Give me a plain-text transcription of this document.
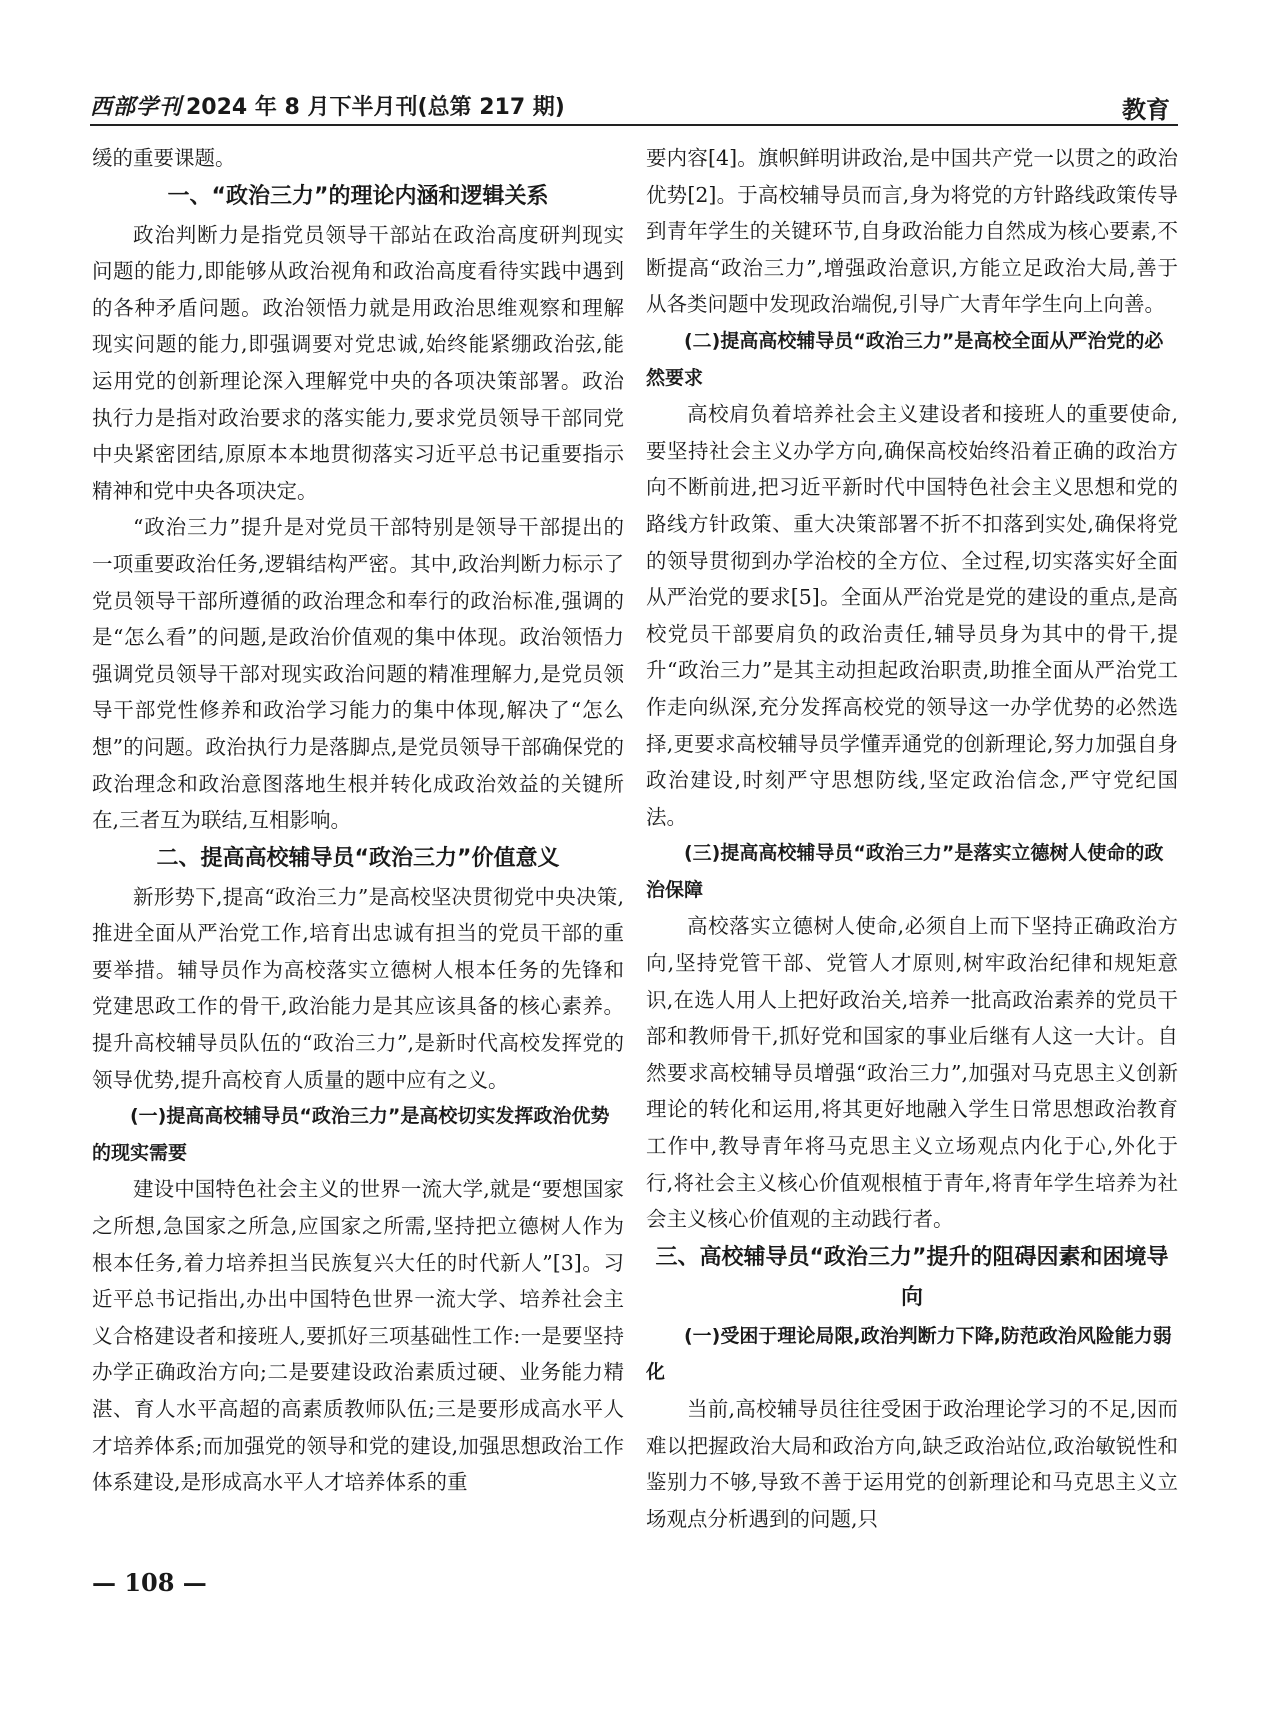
西部学刊 2024 年 8 月下半月刊(总第 217 期)	教育

缓的重要课题。

一、“政治三力”的理论内涵和逻辑关系

政治判断力是指党员领导干部站在政治高度研判现实问题的能力,即能够从政治视角和政治高度看待实践中遇到的各种矛盾问题。政治领悟力就是用政治思维观察和理解现实问题的能力,即强调要对党忠诚,始终能紧绷政治弦,能运用党的创新理论深入理解党中央的各项决策部署。政治执行力是指对政治要求的落实能力,要求党员领导干部同党中央紧密团结,原原本本地贯彻落实习近平总书记重要指示精神和党中央各项决定。

“政治三力”提升是对党员干部特别是领导干部提出的一项重要政治任务,逻辑结构严密。其中,政治判断力标示了党员领导干部所遵循的政治理念和奉行的政治标准,强调的是“怎么看”的问题,是政治价值观的集中体现。政治领悟力强调党员领导干部对现实政治问题的精准理解力,是党员领导干部党性修养和政治学习能力的集中体现,解决了“怎么想”的问题。政治执行力是落脚点,是党员领导干部确保党的政治理念和政治意图落地生根并转化成政治效益的关键所在,三者互为联结,互相影响。

二、提高高校辅导员“政治三力”价值意义

新形势下,提高“政治三力”是高校坚决贯彻党中央决策,推进全面从严治党工作,培育出忠诚有担当的党员干部的重要举措。辅导员作为高校落实立德树人根本任务的先锋和党建思政工作的骨干,政治能力是其应该具备的核心素养。提升高校辅导员队伍的“政治三力”,是新时代高校发挥党的领导优势,提升高校育人质量的题中应有之义。

(一)提高高校辅导员“政治三力”是高校切实发挥政治优势的现实需要

建设中国特色社会主义的世界一流大学,就是“要想国家之所想,急国家之所急,应国家之所需,坚持把立德树人作为根本任务,着力培养担当民族复兴大任的时代新人”[3]。习近平总书记指出,办出中国特色世界一流大学、培养社会主义合格建设者和接班人,要抓好三项基础性工作:一是要坚持办学正确政治方向;二是要建设政治素质过硬、业务能力精湛、育人水平高超的高素质教师队伍;三是要形成高水平人才培养体系;而加强党的领导和党的建设,加强思想政治工作体系建设,是形成高水平人才培养体系的重

要内容[4]。旗帜鲜明讲政治,是中国共产党一以贯之的政治优势[2]。于高校辅导员而言,身为将党的方针路线政策传导到青年学生的关键环节,自身政治能力自然成为核心要素,不断提高“政治三力”,增强政治意识,方能立足政治大局,善于从各类问题中发现政治端倪,引导广大青年学生向上向善。

(二)提高高校辅导员“政治三力”是高校全面从严治党的必然要求

高校肩负着培养社会主义建设者和接班人的重要使命,要坚持社会主义办学方向,确保高校始终沿着正确的政治方向不断前进,把习近平新时代中国特色社会主义思想和党的路线方针政策、重大决策部署不折不扣落到实处,确保将党的领导贯彻到办学治校的全方位、全过程,切实落实好全面从严治党的要求[5]。全面从严治党是党的建设的重点,是高校党员干部要肩负的政治责任,辅导员身为其中的骨干,提升“政治三力”是其主动担起政治职责,助推全面从严治党工作走向纵深,充分发挥高校党的领导这一办学优势的必然选择,更要求高校辅导员学懂弄通党的创新理论,努力加强自身政治建设,时刻严守思想防线,坚定政治信念,严守党纪国法。

(三)提高高校辅导员“政治三力”是落实立德树人使命的政治保障

高校落实立德树人使命,必须自上而下坚持正确政治方向,坚持党管干部、党管人才原则,树牢政治纪律和规矩意识,在选人用人上把好政治关,培养一批高政治素养的党员干部和教师骨干,抓好党和国家的事业后继有人这一大计。自然要求高校辅导员增强“政治三力”,加强对马克思主义创新理论的转化和运用,将其更好地融入学生日常思想政治教育工作中,教导青年将马克思主义立场观点内化于心,外化于行,将社会主义核心价值观根植于青年,将青年学生培养为社会主义核心价值观的主动践行者。

三、高校辅导员“政治三力”提升的阻碍因素和困境导向
(一)受困于理论局限,政治判断力下降,防范政治风险能力弱化

当前,高校辅导员往往受困于政治理论学习的不足,因而难以把握政治大局和政治方向,缺乏政治站位,政治敏锐性和鉴别力不够,导致不善于运用党的创新理论和马克思主义立场观点分析遇到的问题,只

— 108 —
